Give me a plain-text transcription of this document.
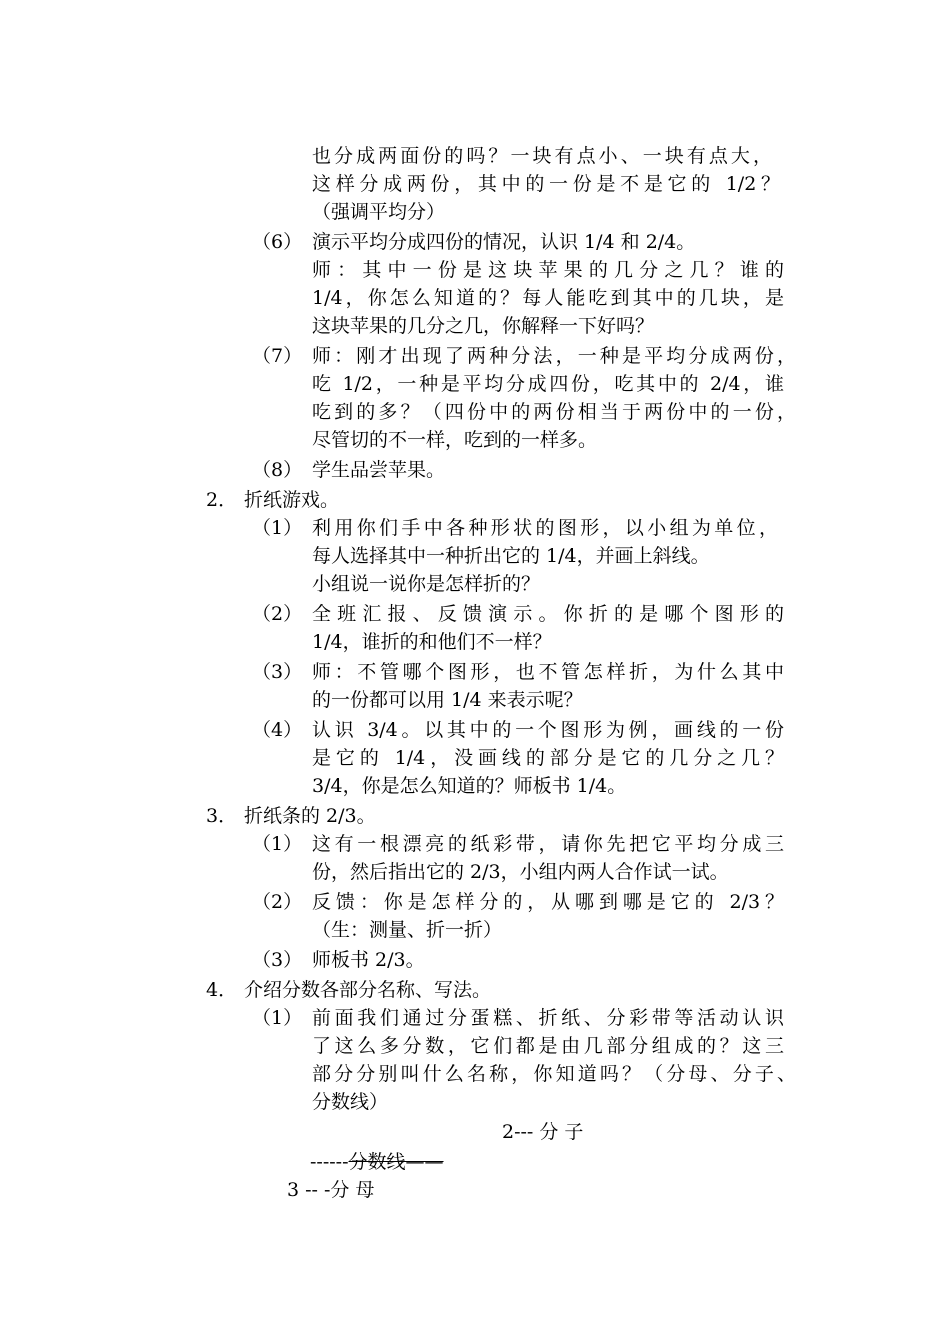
也分成两面份的吗？一块有点小、一块有点大，
这样分成两份，其中的一份是不是它的 1/2？
（强调平均分）
（6） 演示平均分成四份的情况，认识 1/4 和 2/4。
师：其中一份是这块苹果的几分之几？谁的
1/4，你怎么知道的？每人能吃到其中的几块，是
这块苹果的几分之几，你解释一下好吗？
（7） 师：刚才出现了两种分法，一种是平均分成两份，
吃 1/2，一种是平均分成四份，吃其中的 2/4，谁
吃到的多？（四份中的两份相当于两份中的一份，
尽管切的不一样，吃到的一样多。
（8） 学生品尝苹果。
2． 折纸游戏。
（1） 利用你们手中各种形状的图形，以小组为单位，
每人选择其中一种折出它的 1/4，并画上斜线。
小组说一说你是怎样折的？
（2） 全班汇报、反馈演示。你折的是哪个图形的
1/4，谁折的和他们不一样？
（3） 师：不管哪个图形，也不管怎样折，为什么其中
的一份都可以用 1/4 来表示呢？
（4） 认识 3/4。以其中的一个图形为例，画线的一份
是它的 1/4，没画线的部分是它的几分之几？
3/4，你是怎么知道的？师板书 1/4。
3． 折纸条的 2/3。
（1） 这有一根漂亮的纸彩带，请你先把它平均分成三
份，然后指出它的 2/3，小组内两人合作试一试。
（2） 反馈：你是怎样分的，从哪到哪是它的 2/3？
（生：测量、折一折）
（3） 师板书 2/3。
4． 介绍分数各部分名称、写法。
（1） 前面我们通过分蛋糕、折纸、分彩带等活动认识
了这么多分数，它们都是由几部分组成的？这三
部分分别叫什么名称，你知道吗？（分母、分子、
分数线）
2--- 分 子
------分数线——
3 -- -分 母
